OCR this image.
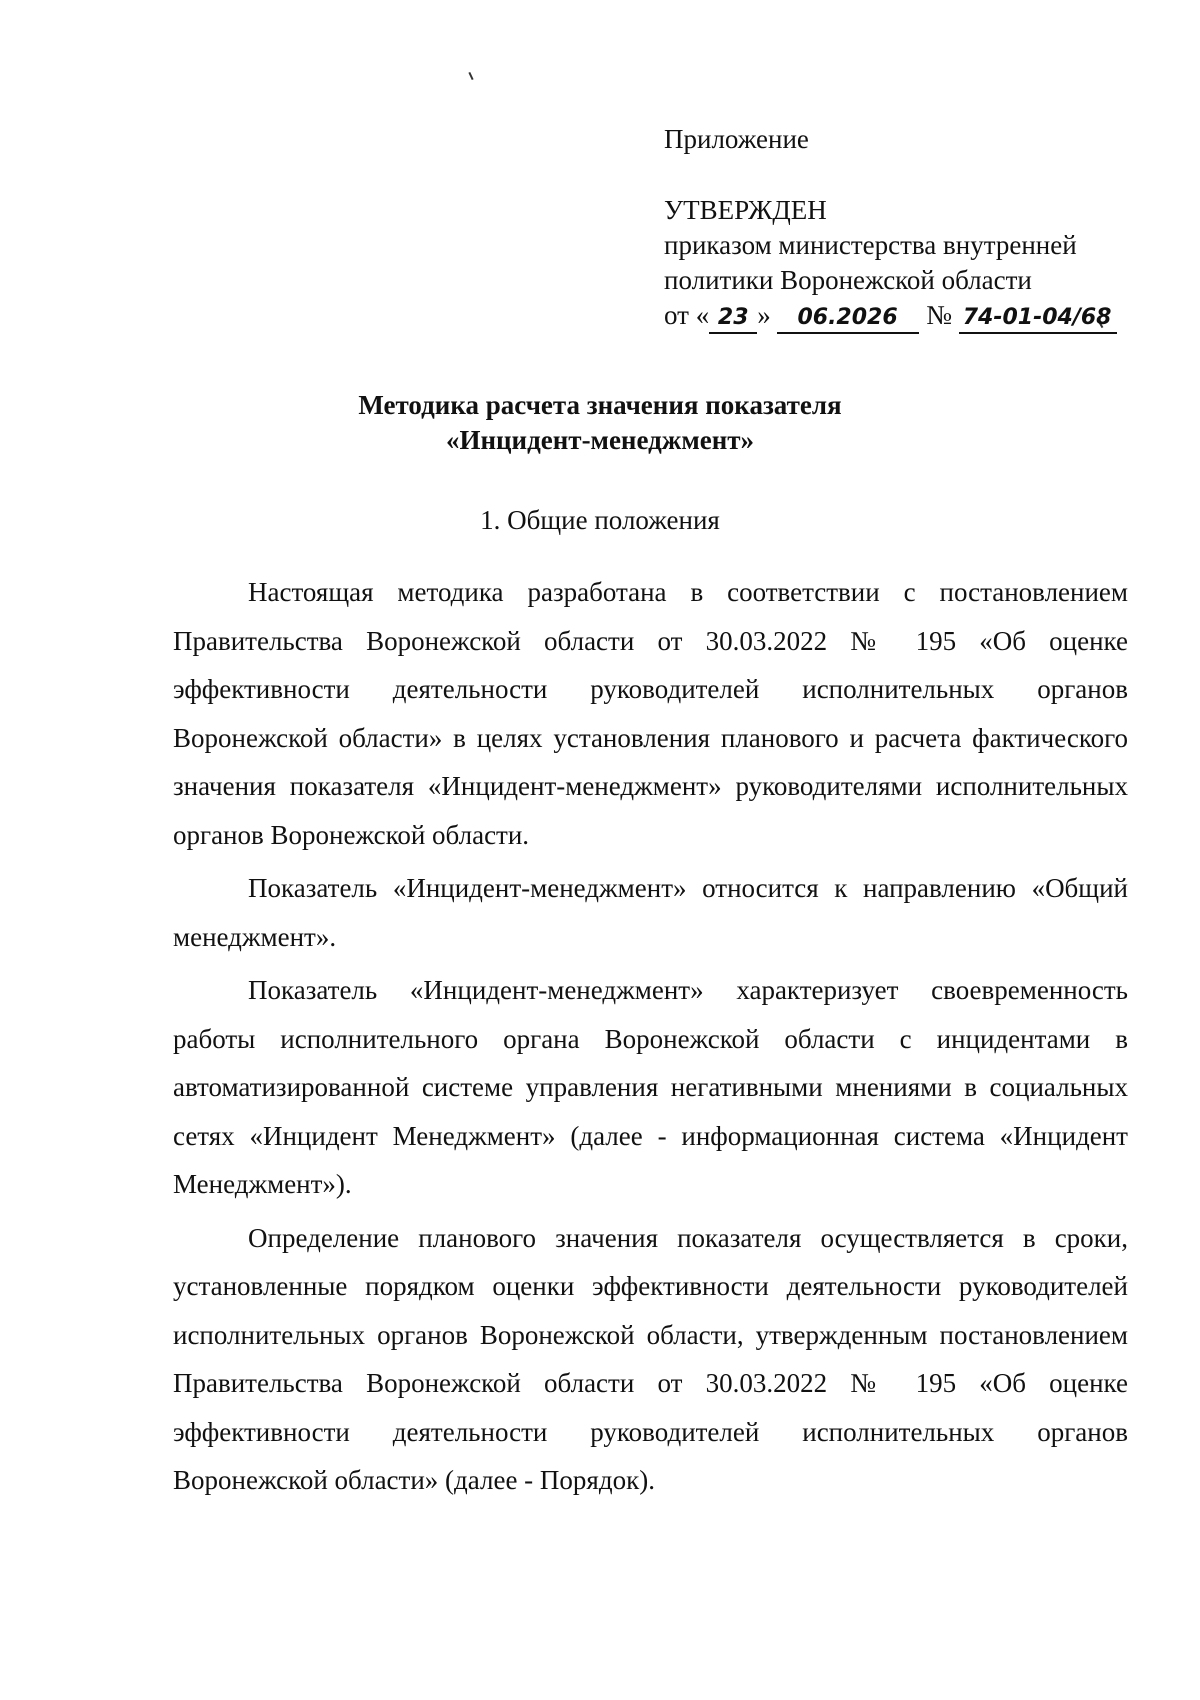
Приложение
УТВЕРЖДЕН
приказом министерства внутренней
политики Воронежской области
от « 23 » 06.2026 № 74-01-04/68
Методика расчета значения показателя
«Инцидент-менеджмент»
1. Общие положения

Настоящая методика разработана в соответствии с постановлением Правительства Воронежской области от 30.03.2022 № 195 «Об оценке эффективности деятельности руководителей исполнительных органов Воронежской области» в целях установления планового и расчета фактического значения показателя «Инцидент-менеджмент» руководителями исполнительных органов Воронежской области.

Показатель «Инцидент-менеджмент» относится к направлению «Общий менеджмент».

Показатель «Инцидент-менеджмент» характеризует своевременность работы исполнительного органа Воронежской области с инцидентами в автоматизированной системе управления негативными мнениями в социальных сетях «Инцидент Менеджмент» (далее - информационная система «Инцидент Менеджмент»).

Определение планового значения показателя осуществляется в сроки, установленные порядком оценки эффективности деятельности руководителей исполнительных органов Воронежской области, утвержденным постановлением Правительства Воронежской области от 30.03.2022 № 195 «Об оценке эффективности деятельности руководителей исполнительных органов Воронежской области» (далее - Порядок).
